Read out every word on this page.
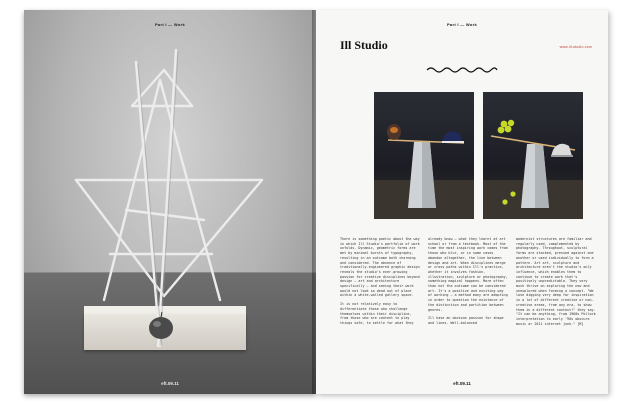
Part I — Work
eft.09.11
Part I — Work
Ill Studio	www.ill-studio.com

There is something poetic about the way in which Ill Studio's portfolio of work unfolds. Dynamic, geometric forms are met by minimal bursts of typography, resulting in an outcome both charming and considered. The absence of traditionally-engineered graphic design reveals the studio's ever-growing passion for creative disciplines beyond design – art and architecture specifically – and seeing their work would not look so dead out of place within a white-walled gallery space.

It is not relatively easy to differentiate those who challenge themselves within their discipline, from those who are content to play things safe, to settle for what they

already know – what they learnt at art school or from a textbook. Most of the time the most inspiring work comes from those who blur, or in some cases abandon altogether, the line between design and art. When disciplines merge or cross paths within Ill's practice, whether it involves fashion, illustration, sculpture or photography, something magical happens. More often than not the outcome can be considered art. It's a positive and exciting way of working – a method many are adopting in order to question the existence of the distinction and partition between genres.

Ill have an obvious passion for shape and lines. Well-balanced

modernist structures are familiar and regularly used, complemented by photography. Throughout, sculptural forms are stacked, pressed against one another or used individually to form a pattern. Art art, sculpture and architecture aren't the studio's only influence, which enables them to continue to create work that's positively unpredictable. They very much thrive on exploring the new and unexplored when forming a concept. "We love digging very deep for inspiration in a lot of different creative or non-creative areas, from any era, to show them in a different context!" they say. "It can be anything, from 1960s Pollock interpretation to early '90s obscure music or 2011 internet junk." [M]

eft.09.11
